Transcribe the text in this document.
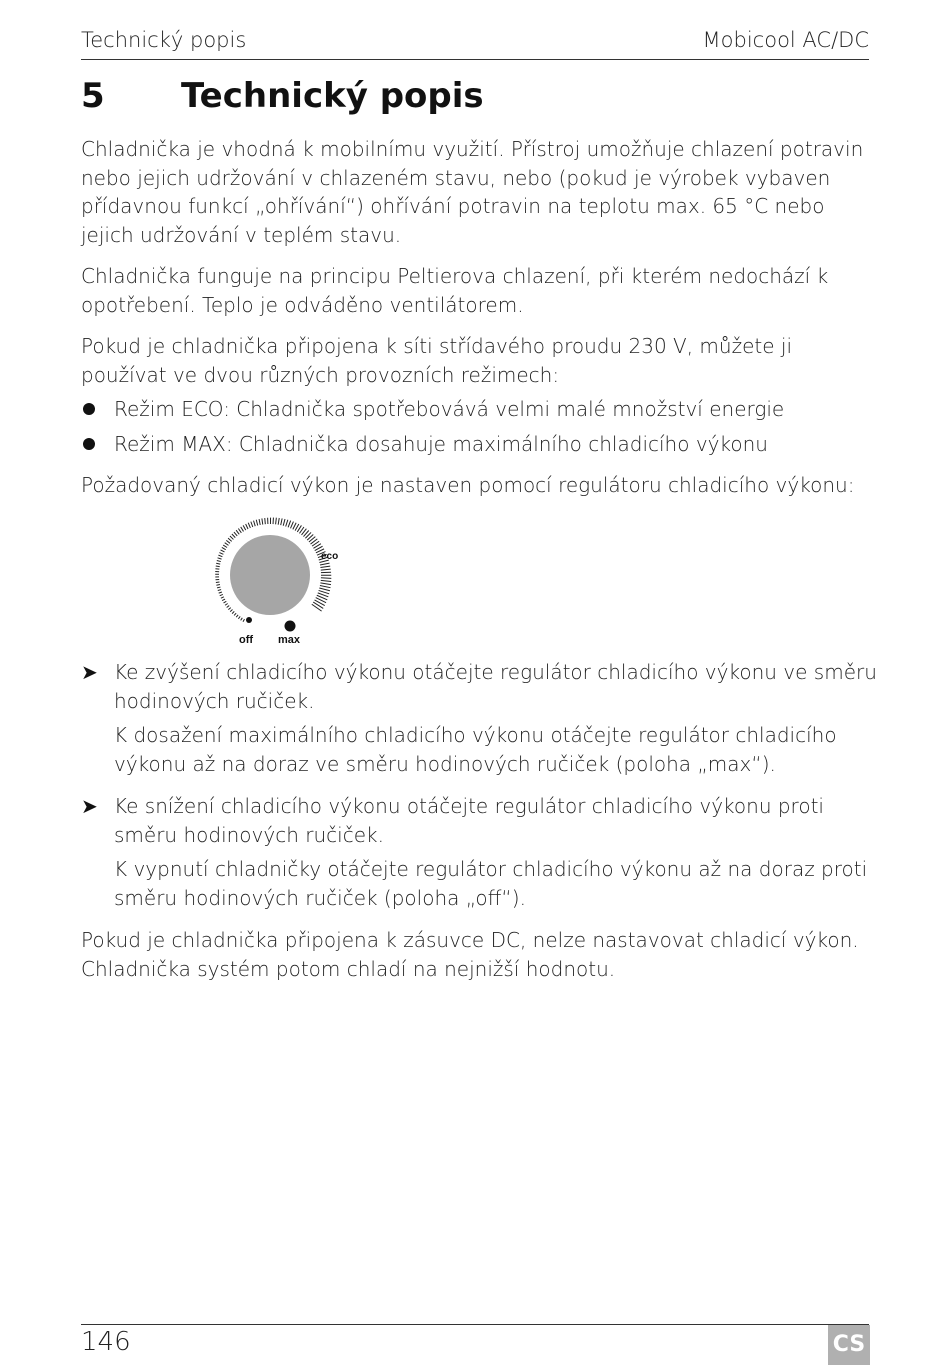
Technický popis	Mobicool AC/DC
5 Technický popis

Chladnička je vhodná k mobilnímu využití. Přístroj umožňuje chlazení potravin nebo jejich udržování v chlazeném stavu, nebo (pokud je výrobek vybaven přídavnou funkcí „ohřívání“) ohřívání potravin na teplotu max. 65 °C nebo jejich udržování v teplém stavu.

Chladnička funguje na principu Peltierova chlazení, při kterém nedochází k opotřebení. Teplo je odváděno ventilátorem.

Pokud je chladnička připojena k síti střídavého proudu 230 V, můžete ji používat ve dvou různých provozních režimech:

Režim ECO: Chladnička spotřebovává velmi malé množství energie
Režim MAX: Chladnička dosahuje maximálního chladicího výkonu

Požadovaný chladicí výkon je nastaven pomocí regulátoru chladicího výkonu:

eco
off max
➤ Ke zvýšení chladicího výkonu otáčejte regulátor chladicího výkonu ve směru hodinových ručiček.

K dosažení maximálního chladicího výkonu otáčejte regulátor chladicího výkonu až na doraz ve směru hodinových ručiček (poloha „max“).

➤ Ke snížení chladicího výkonu otáčejte regulátor chladicího výkonu proti směru hodinových ručiček.

K vypnutí chladničky otáčejte regulátor chladicího výkonu až na doraz proti směru hodinových ručiček (poloha „off“).

Pokud je chladnička připojena k zásuvce DC, nelze nastavovat chladicí výkon. Chladnička systém potom chladí na nejnižší hodnotu.

146	CS
